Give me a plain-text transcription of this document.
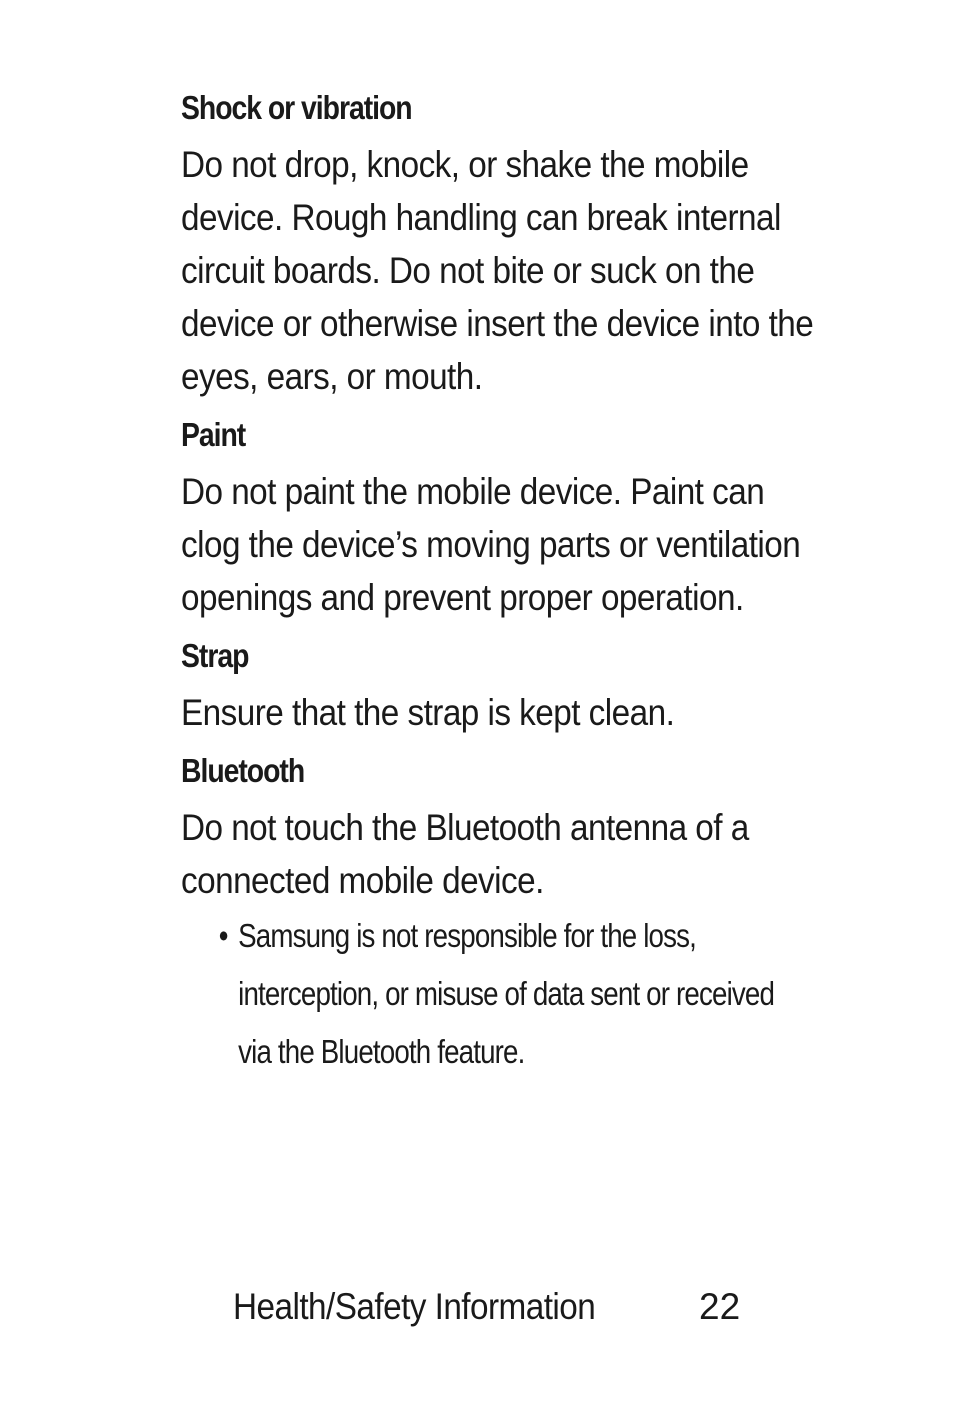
Shock or vibration

Do not drop, knock, or shake the mobile device. Rough handling can break internal circuit boards. Do not bite or suck on the device or otherwise insert the device into the eyes, ears, or mouth.

Paint

Do not paint the mobile device. Paint can clog the device’s moving parts or ventilation openings and prevent proper operation.

Strap

Ensure that the strap is kept clean.

Bluetooth

Do not touch the Bluetooth antenna of a connected mobile device.

• Samsung is not responsible for the loss, interception, or misuse of data sent or received via the Bluetooth feature.
Health/Safety Information	22
